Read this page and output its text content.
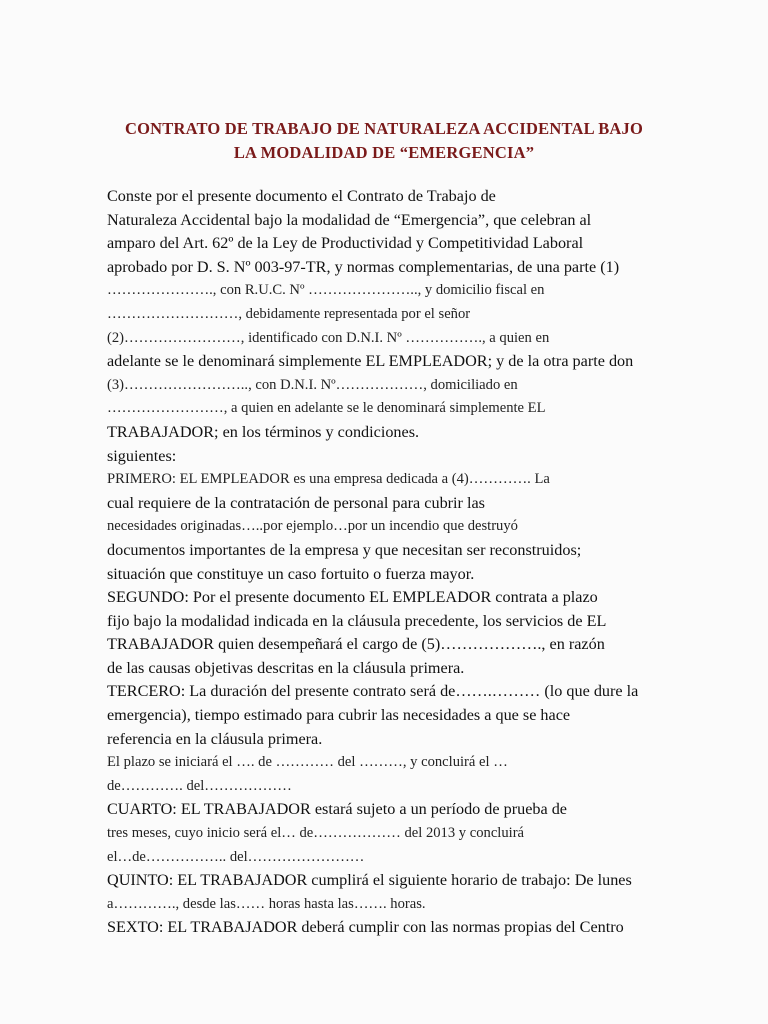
CONTRATO DE TRABAJO DE NATURALEZA ACCIDENTAL BAJO
LA MODALIDAD DE “EMERGENCIA”
Conste por el presente documento el Contrato de Trabajo de
Naturaleza Accidental bajo la modalidad de “Emergencia”, que celebran al
amparo del Art. 62º de la Ley de Productividad y Competitividad Laboral
aprobado por D. S. Nº 003-97-TR, y normas complementarias, de una parte (1)
…………………., con R.U.C. Nº ………………….., y domicilio fiscal en
………………………, debidamente representada por el señor
(2)……………………, identificado con D.N.I. Nº ……………., a quien en
adelante se le denominará simplemente EL EMPLEADOR; y de la otra parte don
(3)…………………….., con D.N.I. Nº………………, domiciliado en
……………………, a quien en adelante se le denominará simplemente EL
TRABAJADOR; en los términos y condiciones.
siguientes:
PRIMERO: EL EMPLEADOR es una empresa dedicada a (4)…………. La
cual requiere de la contratación de personal para cubrir las
necesidades originadas…..por ejemplo…por un incendio que destruyó
documentos importantes de la empresa y que necesitan ser reconstruidos;
situación que constituye un caso fortuito o fuerza mayor.
SEGUNDO: Por el presente documento EL EMPLEADOR contrata a plazo
fijo bajo la modalidad indicada en la cláusula precedente, los servicios de EL
TRABAJADOR quien desempeñará el cargo de (5)………………., en razón
de las causas objetivas descritas en la cláusula primera.
TERCERO: La duración del presente contrato será de…….……… (lo que dure la
emergencia), tiempo estimado para cubrir las necesidades a que se hace
referencia en la cláusula primera.
El plazo se iniciará el …. de ………… del ………, y concluirá el …
de…………. del………………
CUARTO: EL TRABAJADOR estará sujeto a un período de prueba de
tres meses, cuyo inicio será el… de……………… del 2013 y concluirá
el…de…………….. del……………………
QUINTO: EL TRABAJADOR cumplirá el siguiente horario de trabajo: De lunes
a…………., desde las…… horas hasta las……. horas.
SEXTO: EL TRABAJADOR deberá cumplir con las normas propias del Centro
